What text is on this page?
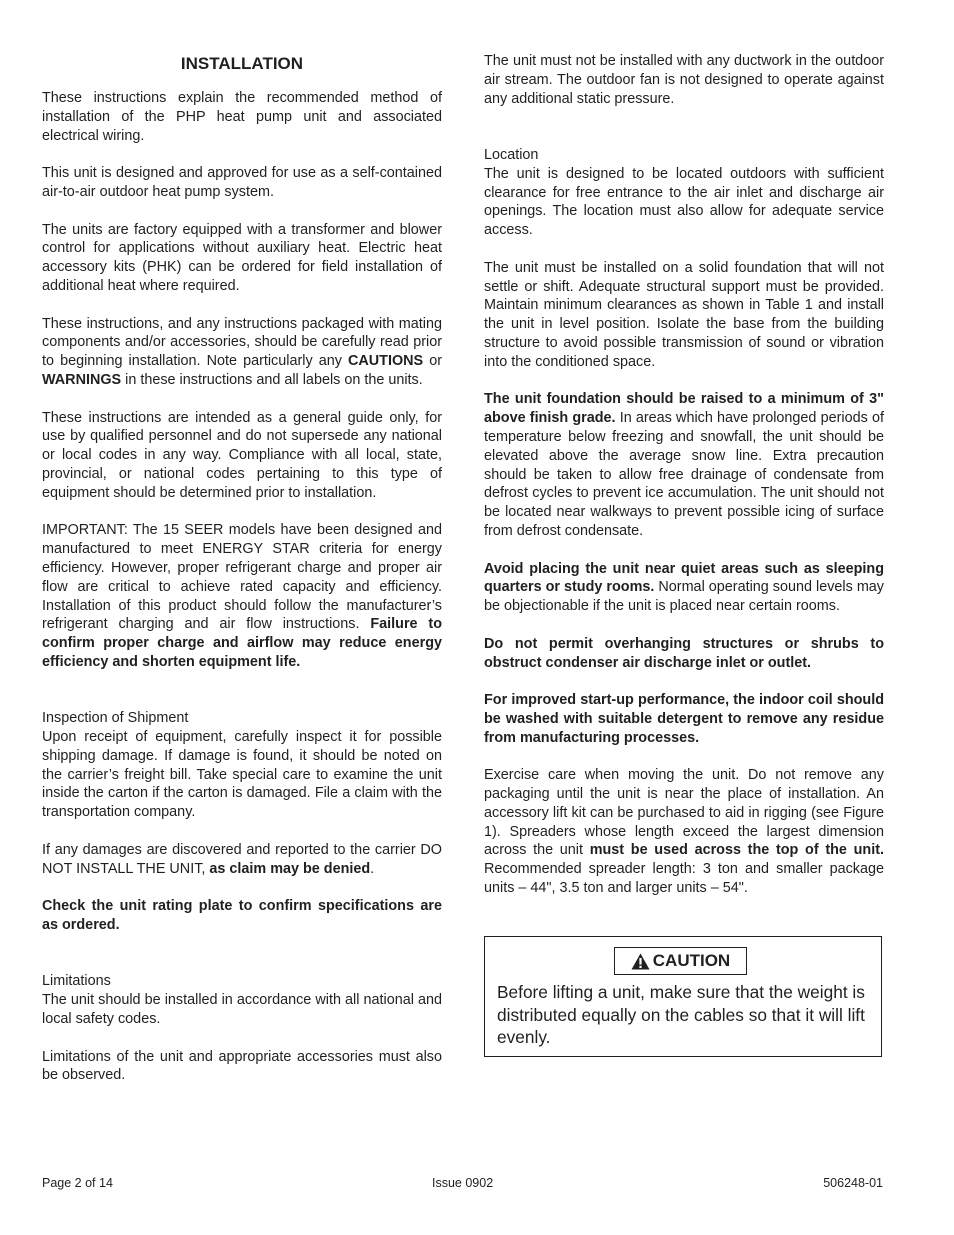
INSTALLATION

These instructions explain the recommended method of installation of the PHP heat pump unit and associated electrical wiring.

This unit is designed and approved for use as a self-contained air-to-air outdoor heat pump system.

The units are factory equipped with a transformer and blower control for applications without auxiliary heat. Electric heat accessory kits (PHK) can be ordered for field installation of additional heat where required.

These instructions, and any instructions packaged with mating components and/or accessories, should be carefully read prior to beginning installation. Note particularly any CAUTIONS or WARNINGS in these instructions and all labels on the units.

These instructions are intended as a general guide only, for use by qualified personnel and do not supersede any national or local codes in any way. Compliance with all local, state, provincial, or national codes pertaining to this type of equipment should be determined prior to installation.

IMPORTANT: The 15 SEER models have been designed and manufactured to meet ENERGY STAR criteria for energy efficiency. However, proper refrigerant charge and proper air flow are critical to achieve rated capacity and efficiency. Installation of this product should follow the manufacturer’s refrigerant charging and air flow instructions. Failure to confirm proper charge and airflow may reduce energy efficiency and shorten equipment life.

Inspection of Shipment
Upon receipt of equipment, carefully inspect it for possible shipping damage. If damage is found, it should be noted on the carrier’s freight bill. Take special care to examine the unit inside the carton if the carton is damaged. File a claim with the transportation company.

If any damages are discovered and reported to the carrier DO NOT INSTALL THE UNIT, as claim may be denied.

Check the unit rating plate to confirm specifications are as ordered.

Limitations
The unit should be installed in accordance with all national and local safety codes.

Limitations of the unit and appropriate accessories must also be observed.

The unit must not be installed with any ductwork in the outdoor air stream. The outdoor fan is not designed to operate against any additional static pressure.

Location
The unit is designed to be located outdoors with sufficient clearance for free entrance to the air inlet and discharge air openings. The location must also allow for adequate service access.

The unit must be installed on a solid foundation that will not settle or shift. Adequate structural support must be provided. Maintain minimum clearances as shown in Table 1 and install the unit in level position. Isolate the base from the building structure to avoid possible transmission of sound or vibration into the conditioned space.

The unit foundation should be raised to a minimum of 3" above finish grade. In areas which have prolonged periods of temperature below freezing and snowfall, the unit should be elevated above the average snow line. Extra precaution should be taken to allow free drainage of condensate from defrost cycles to prevent ice accumulation. The unit should not be located near walkways to prevent possible icing of surface from defrost condensate.

Avoid placing the unit near quiet areas such as sleeping quarters or study rooms. Normal operating sound levels may be objectionable if the unit is placed near certain rooms.

Do not permit overhanging structures or shrubs to obstruct condenser air discharge inlet or outlet.

For improved start-up performance, the indoor coil should be washed with suitable detergent to remove any residue from manufacturing processes.

Exercise care when moving the unit. Do not remove any packaging until the unit is near the place of installation. An accessory lift kit can be purchased to aid in rigging (see Figure 1). Spreaders whose length exceed the largest dimension across the unit must be used across the top of the unit. Recommended spreader length: 3 ton and smaller package units – 44", 3.5 ton and larger units – 54".

CAUTION
Before lifting a unit, make sure that the weight is distributed equally on the cables so that it will lift evenly.
Page 2 of 14	Issue 0902	506248-01
